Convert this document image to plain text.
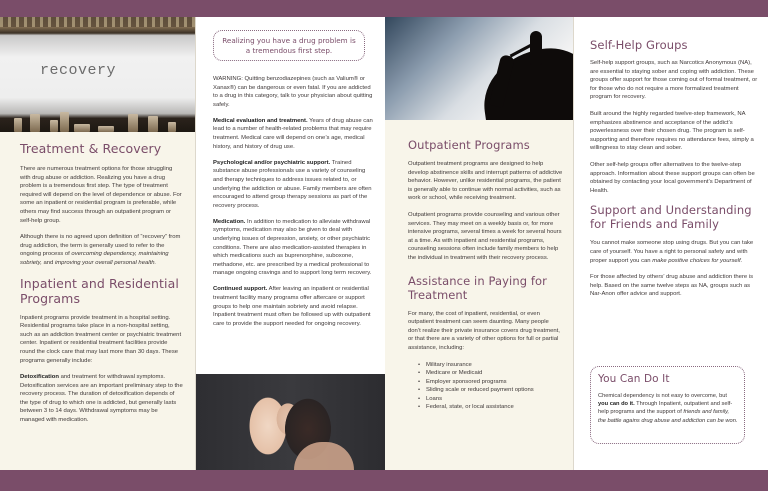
recovery
Treatment & Recovery

There are numerous treatment options for those struggling with drug abuse or addiction. Realizing you have a drug problem is a tremendous first step. The type of treatment required will depend on the level of dependence or abuse. For some an inpatient or residential program is preferable, while others may find success through an outpatient program or self-help group.

Although there is no agreed upon definition of “recovery” from drug addiction, the term is generally used to refer to the ongoing process of overcoming dependency, maintaining sobriety, and improving your overall personal health.

Inpatient and Residential Programs

Inpatient programs provide treatment in a hospital setting. Residential programs take place in a non-hospital setting, such as an addiction treatment center or psychiatric treatment center. Inpatient or residential treatment facilities provide round the clock care that may last more than 30 days. These programs generally include:

Detoxification and treatment for withdrawal symptoms. Detoxification services are an important preliminary step to the recovery process. The duration of detoxification depends of the type of drug to which one is addicted, but generally lasts between 3 to 14 days. Withdrawal symptoms may be managed with medication.

Realizing you have a drug problem is a tremendous first step.

WARNING: Quitting benzodiazepines (such as Valium® or Xanax®) can be dangerous or even fatal. If you are addicted to a drug in this category, talk to your physician about quitting safely.

Medical evaluation and treatment. Years of drug abuse can lead to a number of health-related problems that may require treatment. Medical care will depend on one’s age, medical history, and history of drug use.

Psychological and/or psychiatric support. Trained substance abuse professionals use a variety of counseling and therapy techniques to address issues related to, or underlying the addiction or abuse. Family members are often encouraged to attend group therapy sessions as part of the recovery process.

Medication. In addition to medication to alleviate withdrawal symptoms, medication may also be given to deal with underlying issues of depression, anxiety, or other psychiatric conditions. There are also medication-assisted therapies in which medications such as buprenorphine, suboxone, methadone, etc. are prescribed by a medical professional to manage ongoing cravings and to support long term recovery.

Continued support. After leaving an inpatient or residential treatment facility many programs offer aftercare or support groups to help one maintain sobriety and avoid relapse. Inpatient treatment must often be followed up with outpatient care to provide the support needed for ongoing recovery.

Outpatient Programs

Outpatient treatment programs are designed to help develop abstinence skills and interrupt patterns of addictive behavior. However, unlike residential programs, the patient is generally able to continue with normal activities, such as work or school, while receiving treatment.

Outpatient programs provide counseling and various other services. They may meet on a weekly basis or, for more intensive programs, several times a week for several hours at a time. As with inpatient and residential programs, counseling sessions often include family members to help the individual in treatment with their recovery process.

Assistance in Paying for Treatment

For many, the cost of inpatient, residential, or even outpatient treatment can seem daunting. Many people don’t realize their private insurance covers drug treatment, or that there are a variety of other options for full or partial assistance, including:

• Military insurance
• Medicare or Medicaid
• Employer sponsored programs
• Sliding scale or reduced payment options
• Loans
• Federal, state, or local assistance
Self-Help Groups

Self-help support groups, such as Narcotics Anonymous (NA), are essential to staying sober and coping with addiction. These groups offer support for those coming out of formal treatment, or for those who do not require a more formalized treatment program for recovery.

Built around the highly regarded twelve-step framework, NA emphasizes abstinence and acceptance of the addict’s powerlessness over their chosen drug. The program is self-supporting and therefore requires no attendance fees, simply a willingness to stay clean and sober.

Other self-help groups offer alternatives to the twelve-step approach. Information about these support groups can often be obtained by contacting your local government’s Department of Health.

Support and Understanding for Friends and Family

You cannot make someone stop using drugs. But you can take care of yourself. You have a right to personal safety and with proper support you can make positive choices for yourself.

For those affected by others’ drug abuse and addiction there is help. Based on the same twelve steps as NA, groups such as Nar-Anon offer advice and support.

You Can Do It

Chemical dependency is not easy to overcome, but you can do it. Through Inpatient, outpatient and self-help programs and the support of friends and family, the battle agains drug abuse and addiction can be won.
